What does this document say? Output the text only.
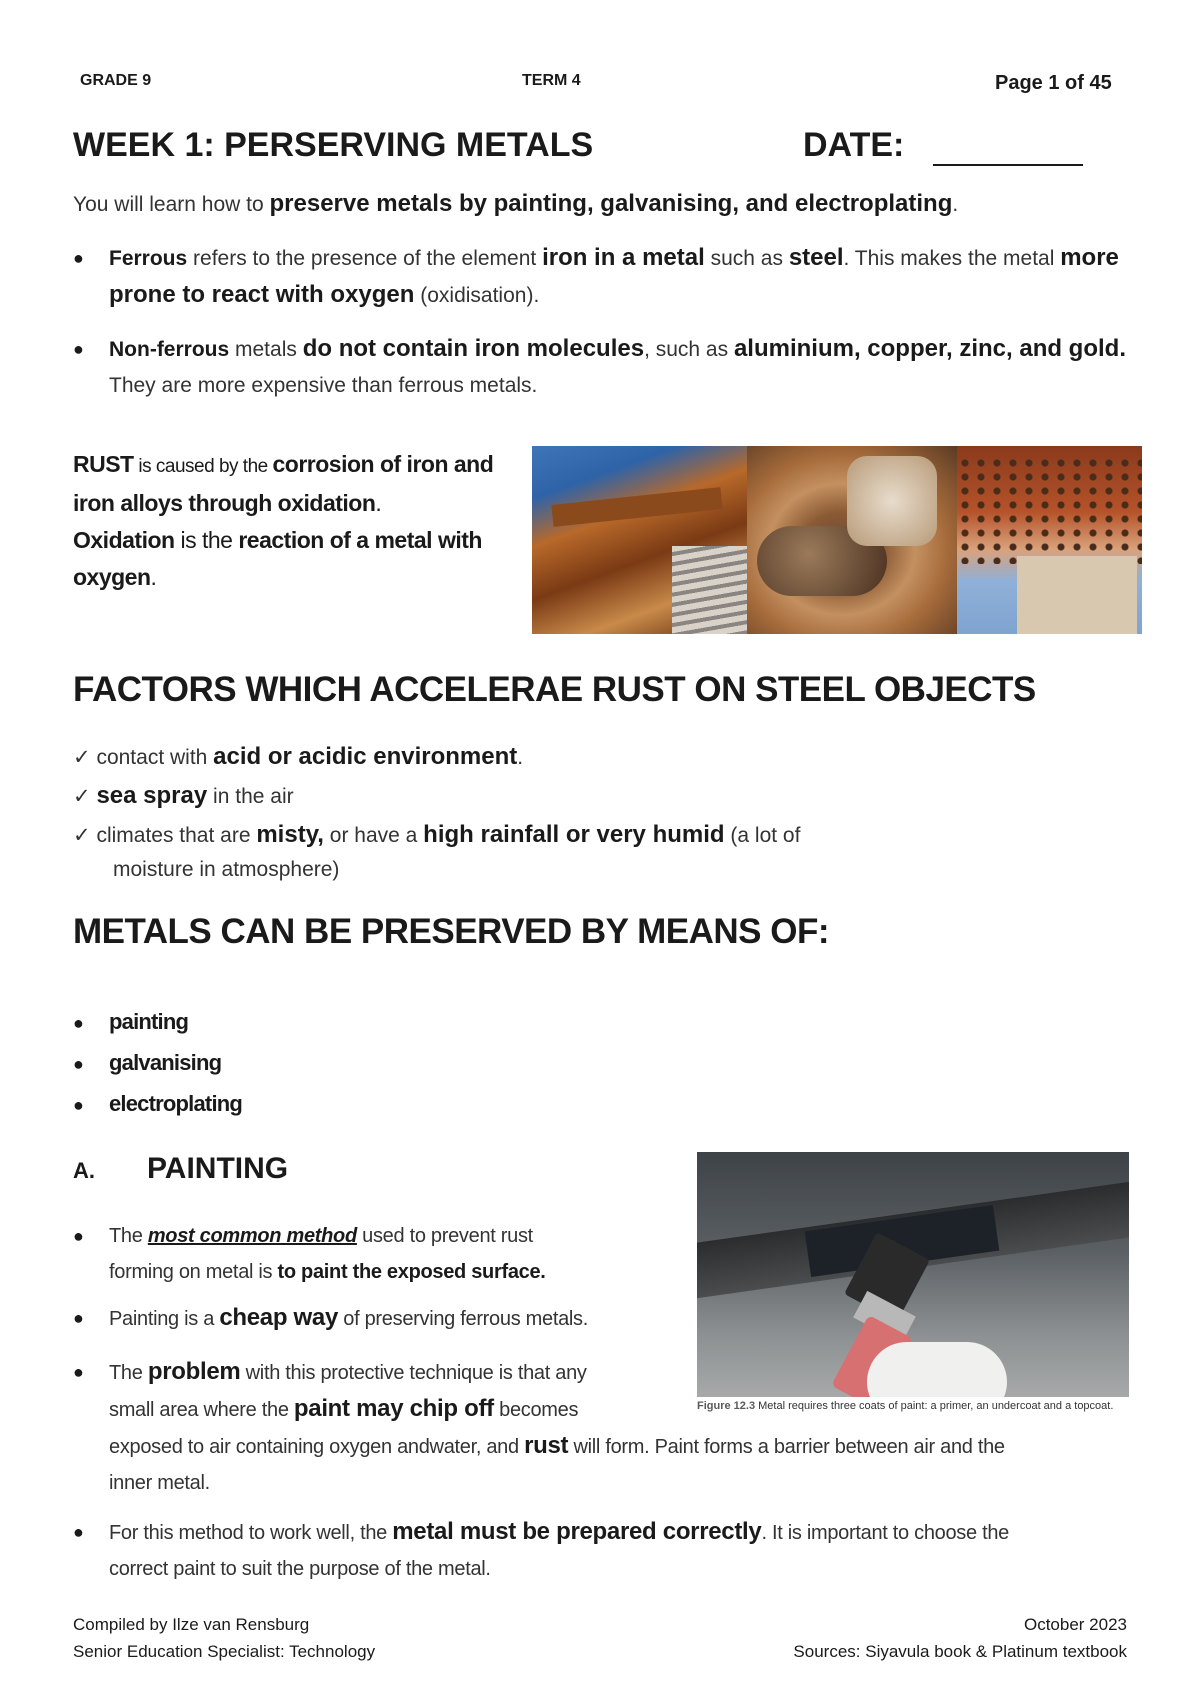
GRADE 9	TERM 4	Page 1 of 45
WEEK 1: PERSERVING METALS	DATE:
You will learn how to preserve metals by painting, galvanising, and electroplating.
● Ferrous refers to the presence of the element iron in a metal such as steel. This makes the metal more prone to react with oxygen (oxidisation).
● Non-ferrous metals do not contain iron molecules, such as aluminium, copper, zinc, and gold. They are more expensive than ferrous metals.
RUST is caused by the corrosion of iron and iron alloys through oxidation.
Oxidation is the reaction of a metal with oxygen.
FACTORS WHICH ACCELERAE RUST ON STEEL OBJECTS
✓ contact with acid or acidic environment.
✓ sea spray in the air
✓ climates that are misty, or have a high rainfall or very humid (a lot of
moisture in atmosphere)
METALS CAN BE PRESERVED BY MEANS OF:
● painting
● galvanising
● electroplating
A. PAINTING
● The most common method used to prevent rust
forming on metal is to paint the exposed surface.
● Painting is a cheap way of preserving ferrous metals.
● The problem with this protective technique is that any
small area where the paint may chip off becomes
exposed to air containing oxygen andwater, and rust will form. Paint forms a barrier between air and the
inner metal.
● For this method to work well, the metal must be prepared correctly. It is important to choose the
correct paint to suit the purpose of the metal.
Figure 12.3 Metal requires three coats of paint: a primer, an undercoat and a topcoat.
Compiled by Ilze van Rensburg
Senior Education Specialist: Technology
October 2023
Sources: Siyavula book & Platinum textbook
